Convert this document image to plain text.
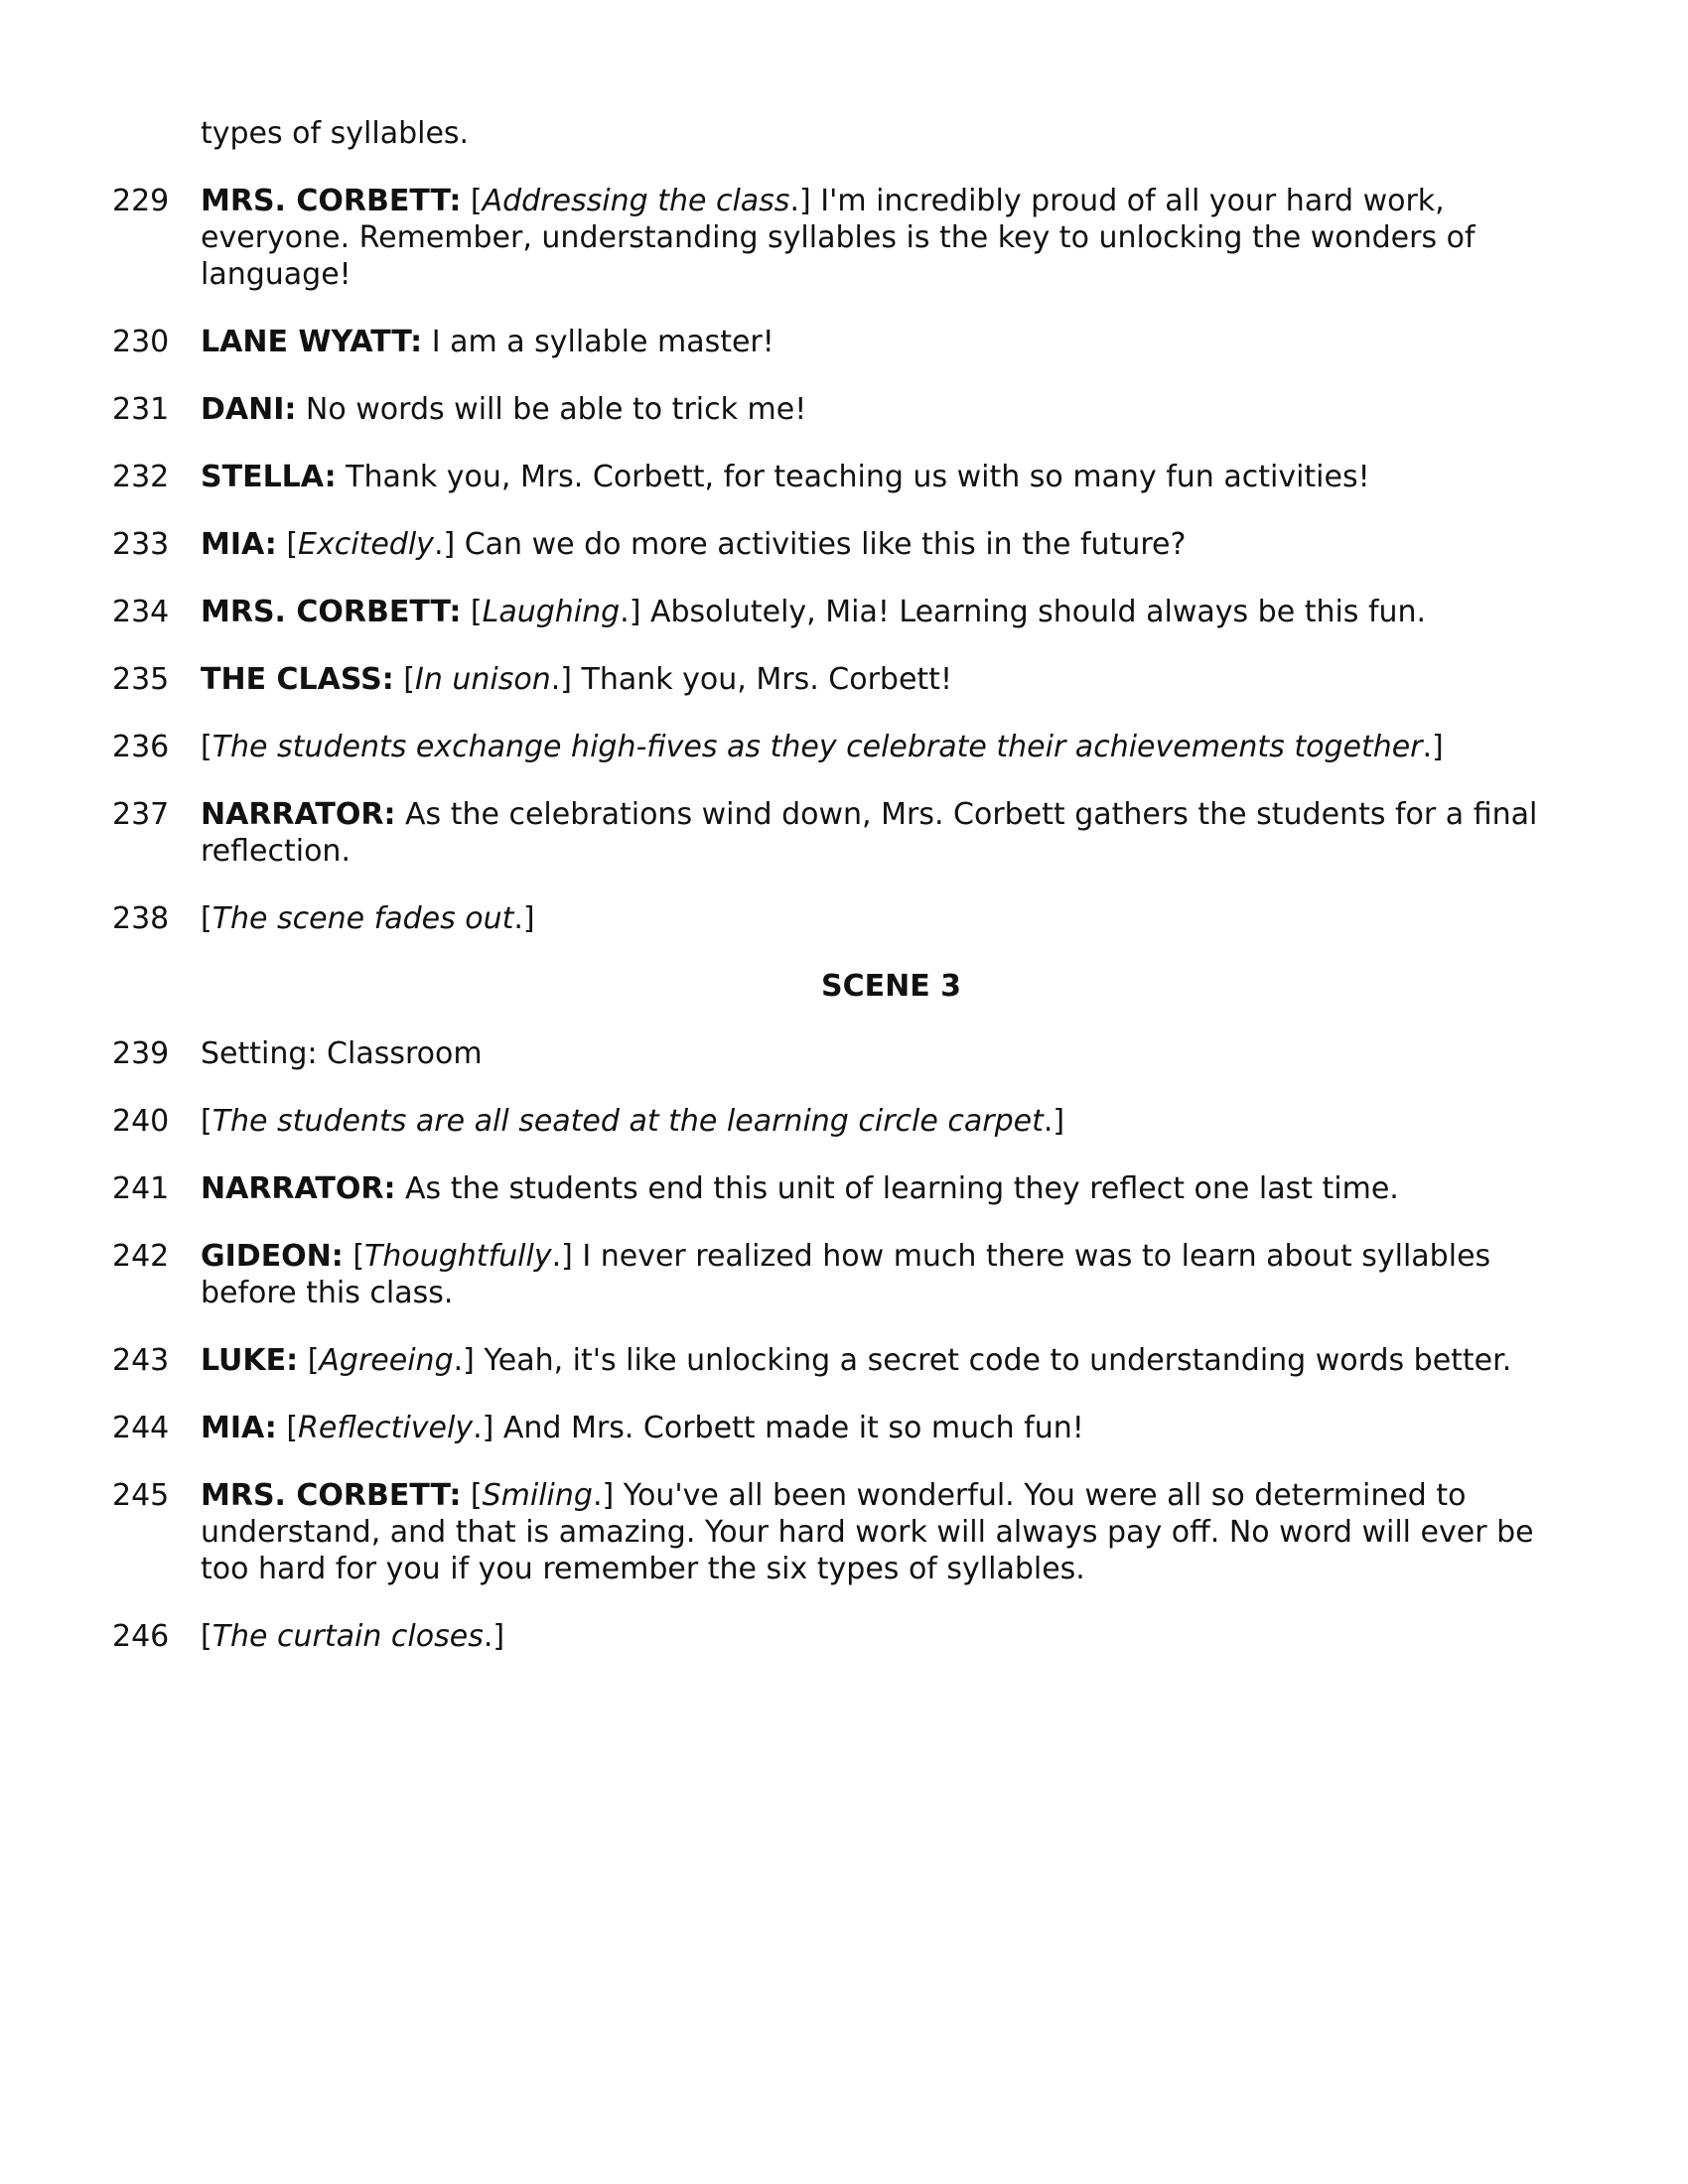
types of syllables.
229	MRS. CORBETT: [Addressing the class.] I'm incredibly proud of all your hard work, everyone. Remember, understanding syllables is the key to unlocking the wonders of language!
230	LANE WYATT: I am a syllable master!
231	DANI: No words will be able to trick me!
232	STELLA: Thank you, Mrs. Corbett, for teaching us with so many fun activities!
233	MIA: [Excitedly.] Can we do more activities like this in the future?
234	MRS. CORBETT: [Laughing.] Absolutely, Mia! Learning should always be this fun.
235	THE CLASS: [In unison.] Thank you, Mrs. Corbett!
236	[The students exchange high-fives as they celebrate their achievements together.]
237	NARRATOR: As the celebrations wind down, Mrs. Corbett gathers the students for a final reflection.
238	[The scene fades out.]
SCENE 3
239	Setting: Classroom
240	[The students are all seated at the learning circle carpet.]
241	NARRATOR: As the students end this unit of learning they reflect one last time.
242	GIDEON: [Thoughtfully.] I never realized how much there was to learn about syllables before this class.
243	LUKE: [Agreeing.] Yeah, it's like unlocking a secret code to understanding words better.
244	MIA: [Reflectively.] And Mrs. Corbett made it so much fun!
245	MRS. CORBETT: [Smiling.] You've all been wonderful. You were all so determined to understand, and that is amazing. Your hard work will always pay off. No word will ever be too hard for you if you remember the six types of syllables.
246	[The curtain closes.]
